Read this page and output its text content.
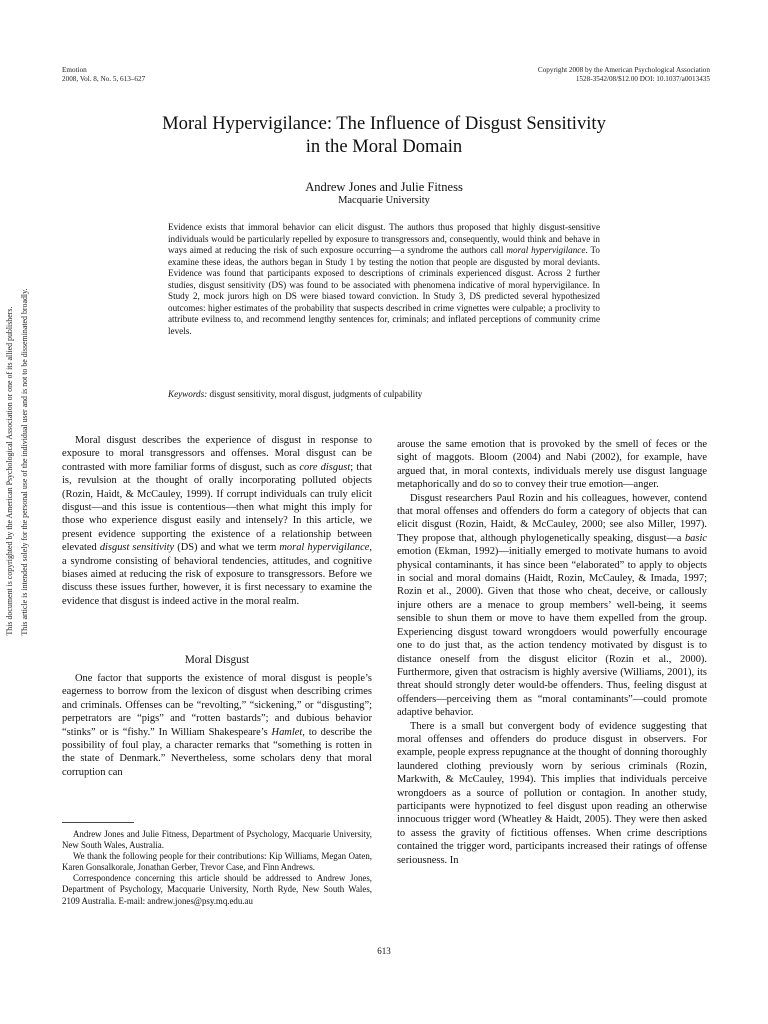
Emotion
2008, Vol. 8, No. 5, 613–627
Copyright 2008 by the American Psychological Association
1528-3542/08/$12.00 DOI: 10.1037/a0013435
Moral Hypervigilance: The Influence of Disgust Sensitivity
in the Moral Domain
Andrew Jones and Julie Fitness
Macquarie University
Evidence exists that immoral behavior can elicit disgust. The authors thus proposed that highly disgust-sensitive individuals would be particularly repelled by exposure to transgressors and, consequently, would think and behave in ways aimed at reducing the risk of such exposure occurring—a syndrome the authors call moral hypervigilance. To examine these ideas, the authors began in Study 1 by testing the notion that people are disgusted by moral deviants. Evidence was found that participants exposed to descriptions of criminals experienced disgust. Across 2 further studies, disgust sensitivity (DS) was found to be associated with phenomena indicative of moral hypervigilance. In Study 2, mock jurors high on DS were biased toward conviction. In Study 3, DS predicted several hypothesized outcomes: higher estimates of the probability that suspects described in crime vignettes were culpable; a proclivity to attribute evilness to, and recommend lengthy sentences for, criminals; and inflated perceptions of community crime levels.
Keywords: disgust sensitivity, moral disgust, judgments of culpability

Moral disgust describes the experience of disgust in response to exposure to moral transgressors and offenses. Moral disgust can be contrasted with more familiar forms of disgust, such as core disgust; that is, revulsion at the thought of orally incorporating polluted objects (Rozin, Haidt, & McCauley, 1999). If corrupt individuals can truly elicit disgust—and this issue is contentious—then what might this imply for those who experience disgust easily and intensely? In this article, we present evidence supporting the existence of a relationship between elevated disgust sensitivity (DS) and what we term moral hypervigilance, a syndrome consisting of behavioral tendencies, attitudes, and cognitive biases aimed at reducing the risk of exposure to transgressors. Before we discuss these issues further, however, it is first necessary to examine the evidence that disgust is indeed active in the moral realm.

Moral Disgust

One factor that supports the existence of moral disgust is people’s eagerness to borrow from the lexicon of disgust when describing crimes and criminals. Offenses can be “revolting,” “sickening,” or “disgusting”; perpetrators are “pigs” and “rotten bastards”; and dubious behavior “stinks” or is “fishy.” In William Shakespeare’s Hamlet, to describe the possibility of foul play, a character remarks that “something is rotten in the state of Denmark.” Nevertheless, some scholars deny that moral corruption can

Andrew Jones and Julie Fitness, Department of Psychology, Macquarie University, New South Wales, Australia.

We thank the following people for their contributions: Kip Williams, Megan Oaten, Karen Gonsalkorale, Jonathan Gerber, Trevor Case, and Finn Andrews.

Correspondence concerning this article should be addressed to Andrew Jones, Department of Psychology, Macquarie University, North Ryde, New South Wales, 2109 Australia. E-mail: andrew.jones@psy.mq.edu.au

arouse the same emotion that is provoked by the smell of feces or the sight of maggots. Bloom (2004) and Nabi (2002), for example, have argued that, in moral contexts, individuals merely use disgust language metaphorically and do so to convey their true emotion—anger.

Disgust researchers Paul Rozin and his colleagues, however, contend that moral offenses and offenders do form a category of objects that can elicit disgust (Rozin, Haidt, & McCauley, 2000; see also Miller, 1997). They propose that, although phylogenetically speaking, disgust—a basic emotion (Ekman, 1992)—initially emerged to motivate humans to avoid physical contaminants, it has since been “elaborated” to apply to objects in social and moral domains (Haidt, Rozin, McCauley, & Imada, 1997; Rozin et al., 2000). Given that those who cheat, deceive, or callously injure others are a menace to group members’ well-being, it seems sensible to shun them or move to have them expelled from the group. Experiencing disgust toward wrongdoers would powerfully encourage one to do just that, as the action tendency motivated by disgust is to distance oneself from the disgust elicitor (Rozin et al., 2000). Furthermore, given that ostracism is highly aversive (Williams, 2001), its threat should strongly deter would-be offenders. Thus, feeling disgust at offenders—perceiving them as “moral contaminants”—could promote adaptive behavior.

There is a small but convergent body of evidence suggesting that moral offenses and offenders do produce disgust in observers. For example, people express repugnance at the thought of donning thoroughly laundered clothing previously worn by serious criminals (Rozin, Markwith, & McCauley, 1994). This implies that individuals perceive wrongdoers as a source of pollution or contagion. In another study, participants were hypnotized to feel disgust upon reading an otherwise innocuous trigger word (Wheatley & Haidt, 2005). They were then asked to assess the gravity of fictitious offenses. When crime descriptions contained the trigger word, participants increased their ratings of offense seriousness. In

613
This document is copyrighted by the American Psychological Association or one of its allied publishers. This article is intended solely for the personal use of the individual user and is not to be disseminated broadly.
